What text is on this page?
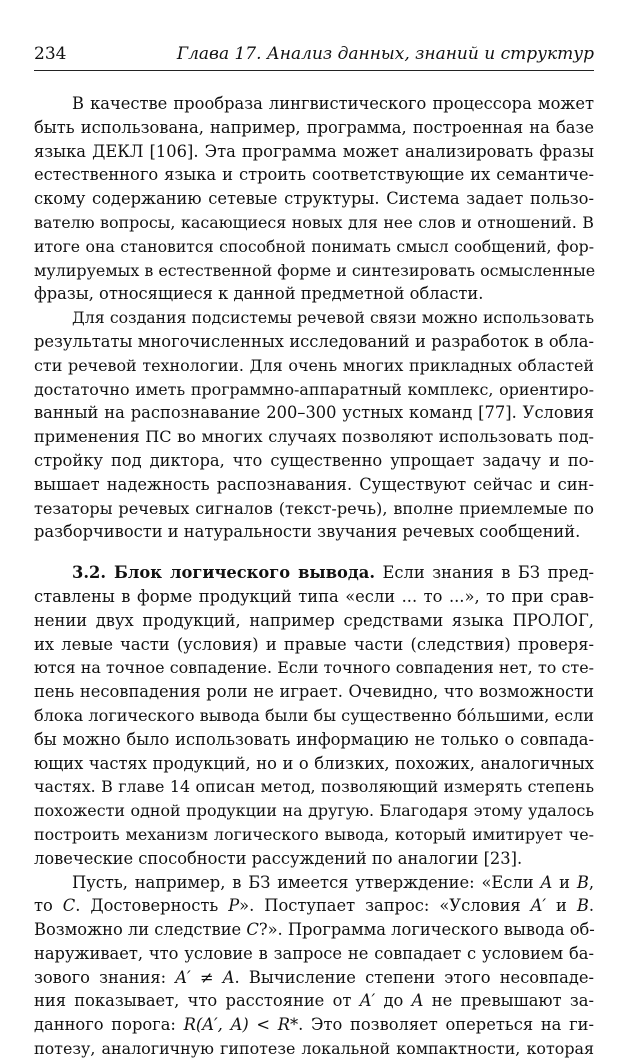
234	Глава 17. Анализ данных, знаний и структур

В качестве прообраза лингвистического процессора может

быть использована, например, программа, построенная на базе

языка ДЕКЛ [106]. Эта программа может анализировать фразы

естественного языка и строить соответствующие их семантиче-

скому содержанию сетевые структуры. Система задает пользо-

вателю вопросы, касающиеся новых для нее слов и отношений. В

итоге она становится способной понимать смысл сообщений, фор-

мулируемых в естественной форме и синтезировать осмысленные

фразы, относящиеся к данной предметной области.

Для создания подсистемы речевой связи можно использовать

результаты многочисленных исследований и разработок в обла-

сти речевой технологии. Для очень многих прикладных областей

достаточно иметь программно-аппаратный комплекс, ориентиро-

ванный на распознавание 200–300 устных команд [77]. Условия

применения ПС во многих случаях позволяют использовать под-

стройку под диктора, что существенно упрощает задачу и по-

вышает надежность распознавания. Существуют сейчас и син-

тезаторы речевых сигналов (текст-речь), вполне приемлемые по

разборчивости и натуральности звучания речевых сообщений.

3.2. Блок логического вывода. Если знания в БЗ пред-

ставлены в форме продукций типа «если ... то ...», то при срав-

нении двух продукций, например средствами языка ПРОЛОГ,

их левые части (условия) и правые части (следствия) проверя-

ются на точное совпадение. Если точного совпадения нет, то сте-

пень несовпадения роли не играет. Очевидно, что возможности

блока логического вывода были бы существенно бо́льшими, если

бы можно было использовать информацию не только о совпада-

ющих частях продукций, но и о близких, похожих, аналогичных

частях. В главе 14 описан метод, позволяющий измерять степень

похожести одной продукции на другую. Благодаря этому удалось

построить механизм логического вывода, который имитирует че-

ловеческие способности рассуждений по аналогии [23].

Пусть, например, в БЗ имеется утверждение: «Если A и B,

то C. Достоверность P». Поступает запрос: «Условия A′ и B.

Возможно ли следствие C?». Программа логического вывода об-

наруживает, что условие в запросе не совпадает с условием ба-

зового знания: A′ ≠ A. Вычисление степени этого несовпаде-

ния показывает, что расстояние от A′ до A не превышают за-

данного порога: R(A′, A) < R*. Это позволяет опереться на ги-

потезу, аналогичную гипотезе локальной компактности, которая
